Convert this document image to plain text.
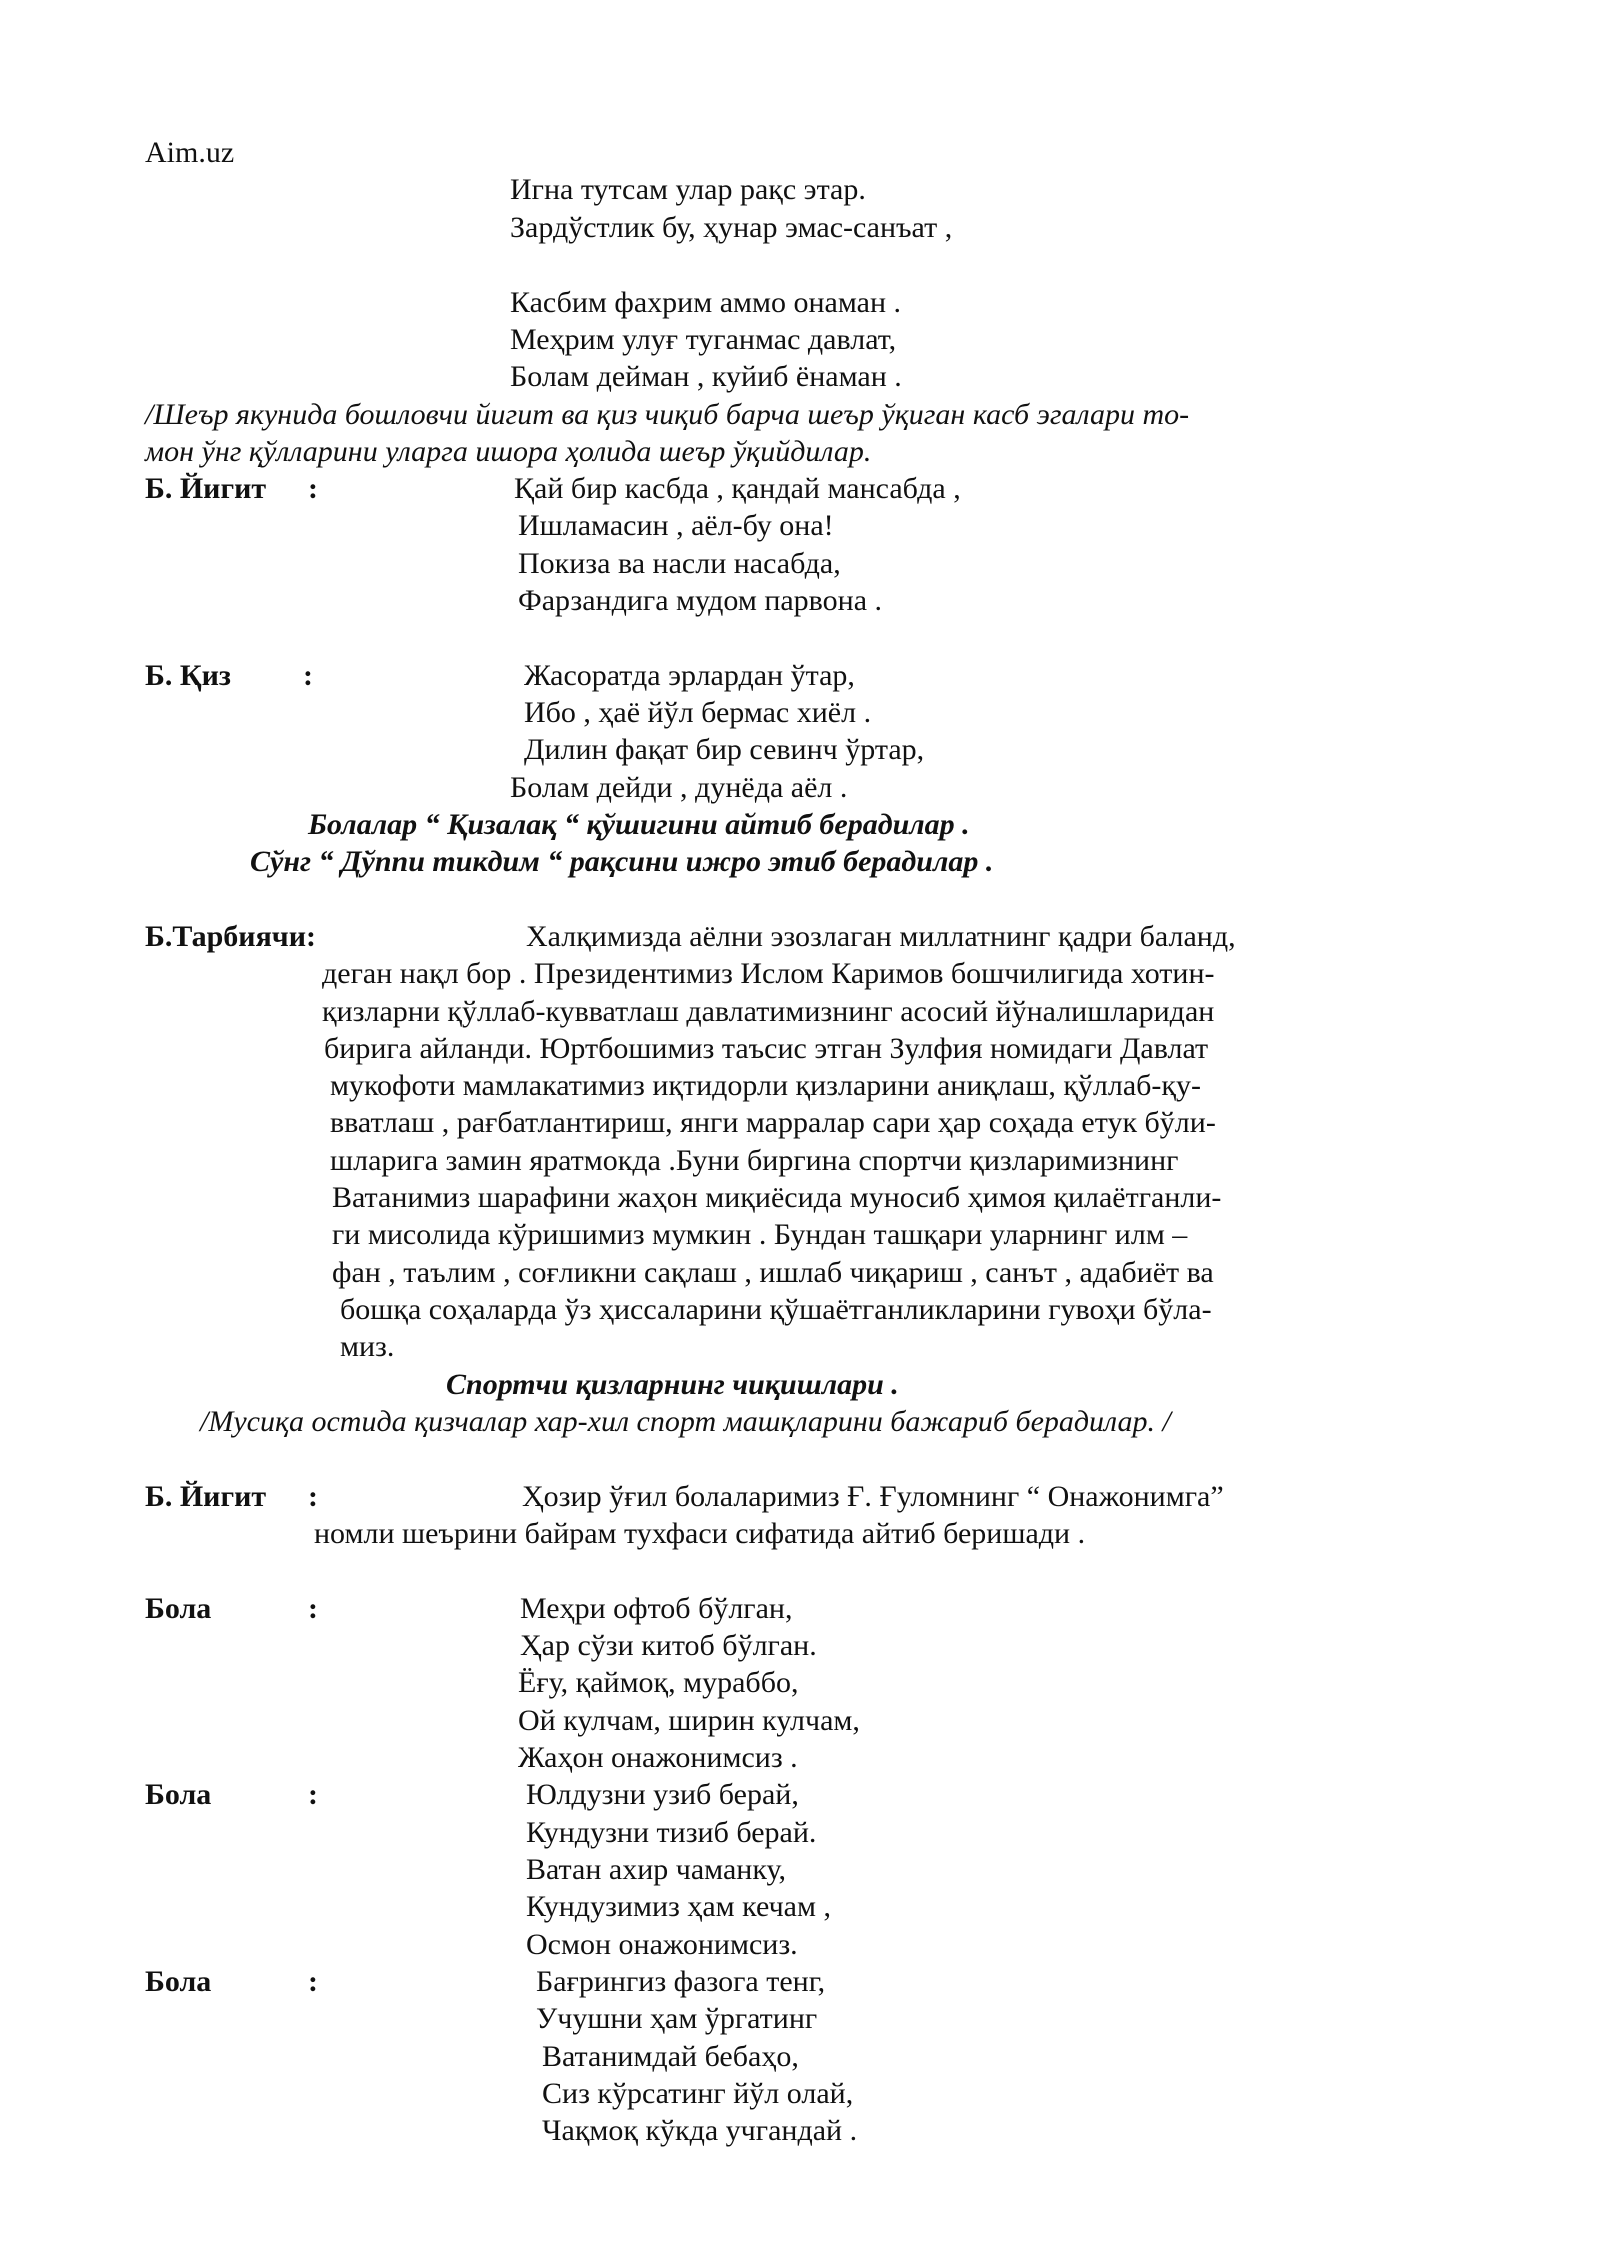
Aim.uz
Игна тутсам улар рақс этар.
Зардўстлик бу, ҳунар эмас-санъат ,
Касбим фахрим аммо онаман .
Меҳрим улуғ туганмас давлат,
Болам дейман , куйиб ёнаман .
/Шеър якунида бошловчи йигит ва қиз чиқиб барча шеър ўқиган касб эгалари то-
мон ўнг қўлларини уларга ишора ҳолида шеър ўқийдилар.
Б. Йигит :	Қай бир касбда , қандай мансабда ,
Ишламасин , аёл-бу она!
Покиза ва насли насабда,
Фарзандига мудом парвона .
Б. Қиз :	Жасоратда эрлардан ўтар,
Ибо , ҳаё йўл бермас хиёл .
Дилин фақат бир севинч ўртар,
Болам дейди , дунёда аёл .
Болалар “ Қизалақ “ қўшигини айтиб берадилар .
Сўнг “ Дўппи тикдим “ рақсини ижро этиб берадилар .
Б.Тарбиячи:	Халқимизда аёлни эзозлаган миллатнинг қадри баланд,
деган нақл бор . Президентимиз Ислом Каримов бошчилигида хотин-
қизларни қўллаб-кувватлаш давлатимизнинг асосий йўналишларидан
бирига айланди. Юртбошимиз таъсис этган Зулфия номидаги Давлат
мукофоти мамлакатимиз иқтидорли қизларини аниқлаш, қўллаб-қу-
вватлаш , рағбатлантириш, янги марралар сари ҳар соҳада етук бўли-
шларига замин яратмокда .Буни биргина спортчи қизларимизнинг
Ватанимиз шарафини жаҳон миқиёсида муносиб ҳимоя қилаётганли-
ги мисолида кўришимиз мумкин . Бундан ташқари уларнинг илм –
фан , таълим , соғликни сақлаш , ишлаб чиқариш , санът , адабиёт ва
бошқа соҳаларда ўз ҳиссаларини қўшаётганликларини гувоҳи бўла-
миз.
Спортчи қизларнинг чиқишлари .
/Мусиқа остида қизчалар хар-хил спорт машқларини бажариб берадилар. /
Б. Йигит :	Ҳозир ўғил болаларимиз Ғ. Ғуломнинг “ Онажонимга”
номли шеърини байрам тухфаси сифатида айтиб беришади .
Бола	:	Меҳри офтоб бўлган,
Ҳар сўзи китоб бўлган.
Ёғу, қаймоқ, мураббо,
Ой кулчам, ширин кулчам,
Жаҳон онажонимсиз .
Бола	:	Юлдузни узиб берай,
Кундузни тизиб берай.
Ватан ахир чаманку,
Кундузимиз ҳам кечам ,
Осмон онажонимсиз.
Бола	:	Бағрингиз фазога тенг,
Учушни ҳам ўргатинг
Ватанимдай бебаҳо,
Сиз кўрсатинг йўл олай,
Чақмоқ кўкда учгандай .
